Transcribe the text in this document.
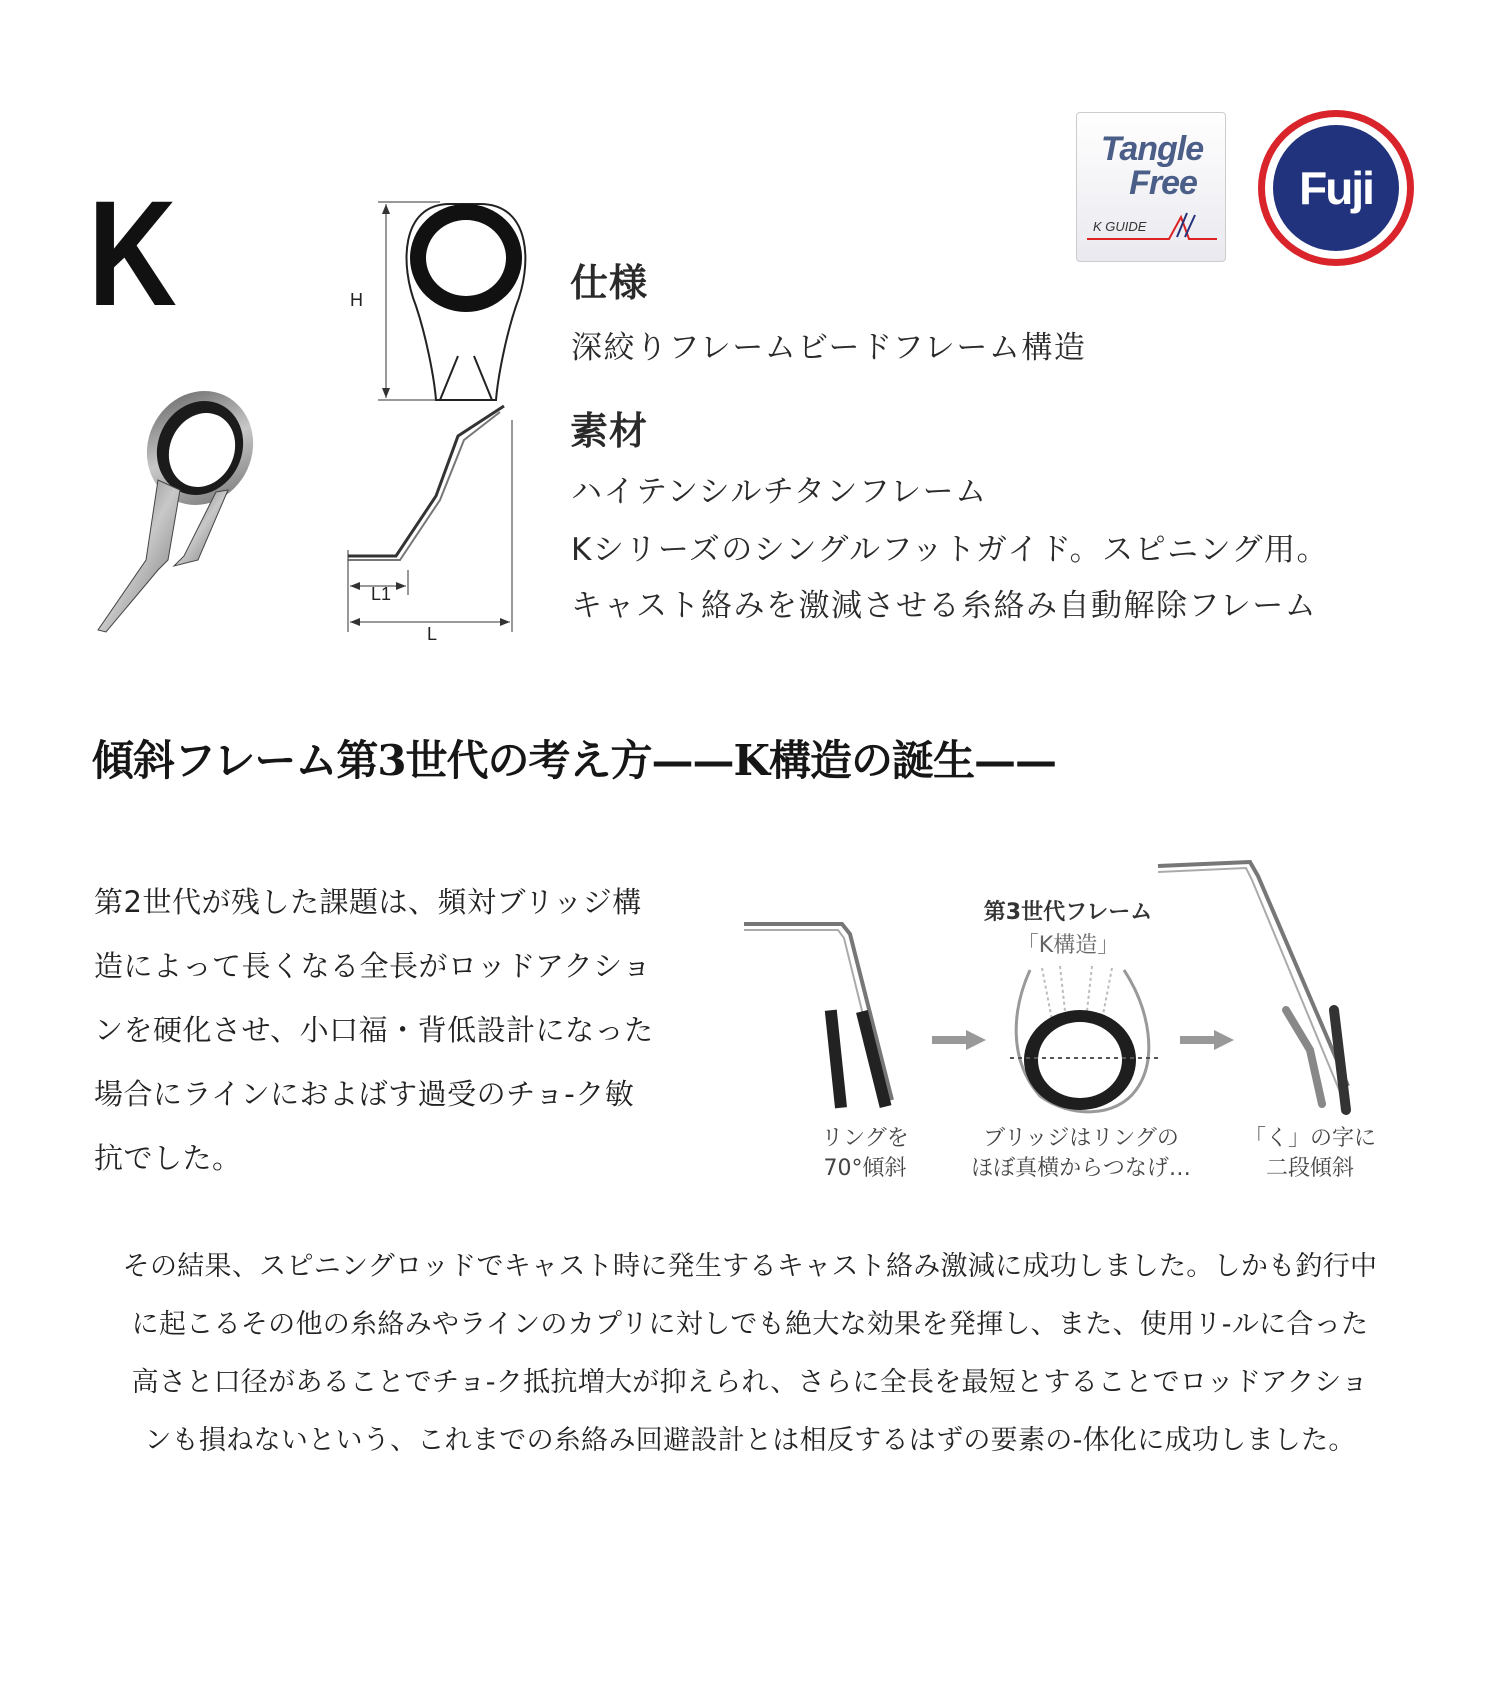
K
Tangle
Free
K GUIDE
Fuji
H
L1
L
仕様
深絞りフレームビードフレーム構造
素材
ハイテンシルチタンフレーム
Kシリーズのシングルフットガイド。スピニング用。
キャスト絡みを激減させる糸絡み自動解除フレーム
傾斜フレーム第3世代の考え方——K構造の誕生——

第2世代が残した課題は、頻対ブリッジ構造によって長くなる全長がロッドアクションを硬化させ、小口福・背低設計になった場合にラインにおよばす過受のチョ-ク敏抗でした。

第3世代フレーム
「K構造」
リングを
70°傾斜
ブリッジはリングの
ほぼ真横からつなげ…
「く」の字に
二段傾斜
その結果、スピニングロッドでキャスト時に発生するキャスト絡み激減に成功しました。しかも釣行中
に起こるその他の糸絡みやラインのカプリに対しでも絶大な効果を発揮し、また、使用リ-ルに合った
高さと口径があることでチョ-ク抵抗増大が抑えられ、さらに全長を最短とすることでロッドアクショ
ンも損ねないという、これまでの糸絡み回避設計とは相反するはずの要素の-体化に成功しました。
